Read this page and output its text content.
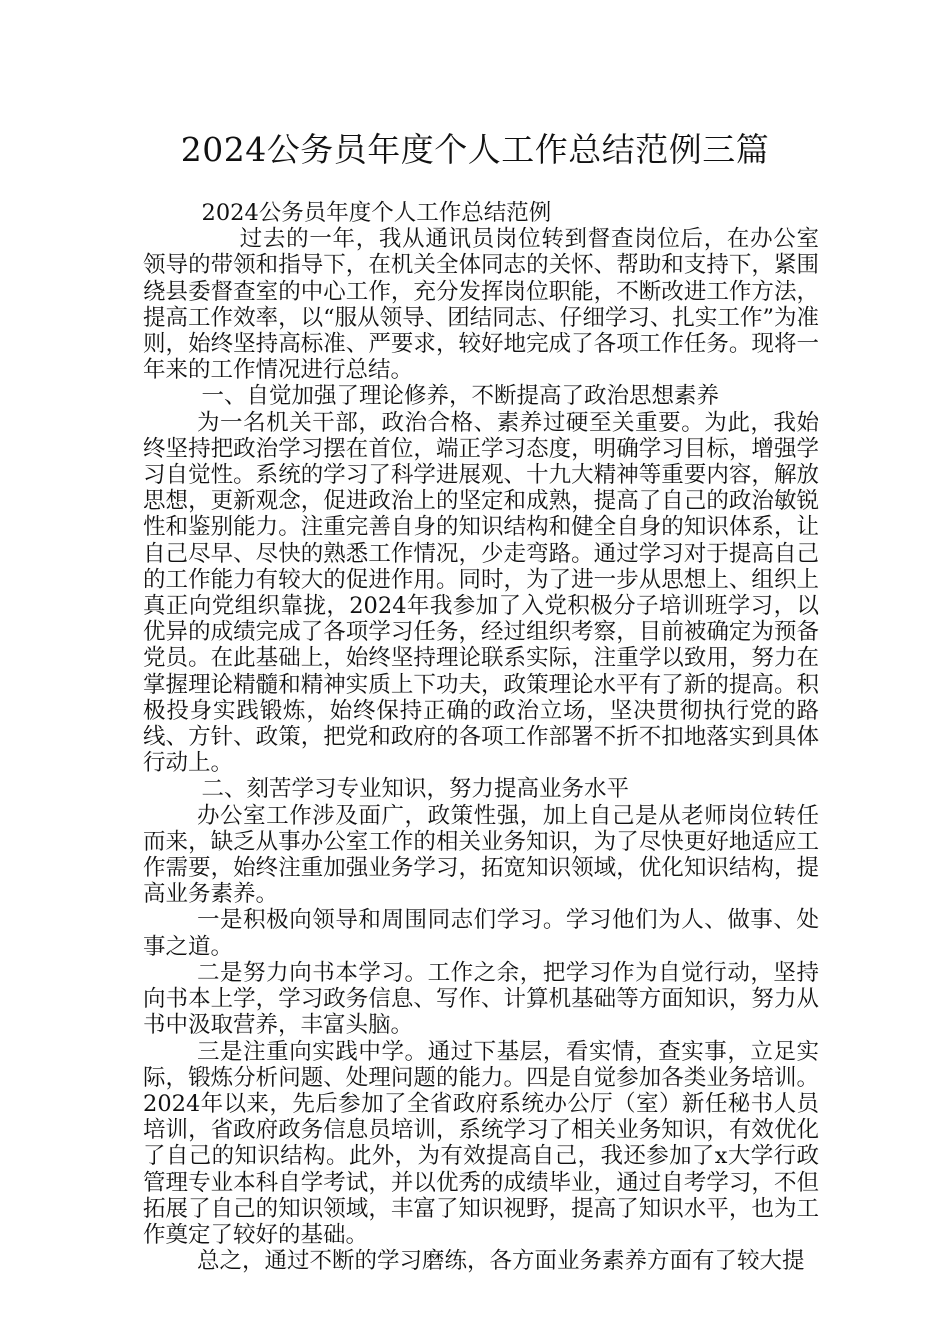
2024公务员年度个人工作总结范例三篇

2024公务员年度个人工作总结范例

过去的一年，我从通讯员岗位转到督查岗位后，在办公室领导的带领和指导下，在机关全体同志的关怀、帮助和支持下，紧围绕县委督查室的中心工作，充分发挥岗位职能，不断改进工作方法，提高工作效率，以“服从领导、团结同志、仔细学习、扎实工作”为准则，始终坚持高标准、严要求，较好地完成了各项工作任务。现将一年来的工作情况进行总结。

一、自觉加强了理论修养，不断提高了政治思想素养

为一名机关干部，政治合格、素养过硬至关重要。为此，我始终坚持把政治学习摆在首位，端正学习态度，明确学习目标，增强学习自觉性。系统的学习了科学进展观、十九大精神等重要内容，解放思想，更新观念，促进政治上的坚定和成熟，提高了自己的政治敏锐性和鉴别能力。注重完善自身的知识结构和健全自身的知识体系，让自己尽早、尽快的熟悉工作情况，少走弯路。通过学习对于提高自己的工作能力有较大的促进作用。同时，为了进一步从思想上、组织上真正向党组织靠拢，2024年我参加了入党积极分子培训班学习，以优异的成绩完成了各项学习任务，经过组织考察，目前被确定为预备党员。在此基础上，始终坚持理论联系实际，注重学以致用，努力在掌握理论精髓和精神实质上下功夫，政策理论水平有了新的提高。积极投身实践锻炼，始终保持正确的政治立场，坚决贯彻执行党的路线、方针、政策，把党和政府的各项工作部署不折不扣地落实到具体行动上。

二、刻苦学习专业知识，努力提高业务水平

办公室工作涉及面广，政策性强，加上自己是从老师岗位转任而来，缺乏从事办公室工作的相关业务知识，为了尽快更好地适应工作需要，始终注重加强业务学习，拓宽知识领域，优化知识结构，提高业务素养。

一是积极向领导和周围同志们学习。学习他们为人、做事、处事之道。

二是努力向书本学习。工作之余，把学习作为自觉行动，坚持向书本上学，学习政务信息、写作、计算机基础等方面知识，努力从书中汲取营养，丰富头脑。

三是注重向实践中学。通过下基层，看实情，查实事，立足实际，锻炼分析问题、处理问题的能力。四是自觉参加各类业务培训。2024年以来，先后参加了全省政府系统办公厅（室）新任秘书人员培训，省政府政务信息员培训，系统学习了相关业务知识，有效优化了自己的知识结构。此外，为有效提高自己，我还参加了x大学行政管理专业本科自学考试，并以优秀的成绩毕业，通过自考学习，不但拓展了自己的知识领域，丰富了知识视野，提高了知识水平，也为工作奠定了较好的基础。

总之，通过不断的学习磨练，各方面业务素养方面有了较大提
